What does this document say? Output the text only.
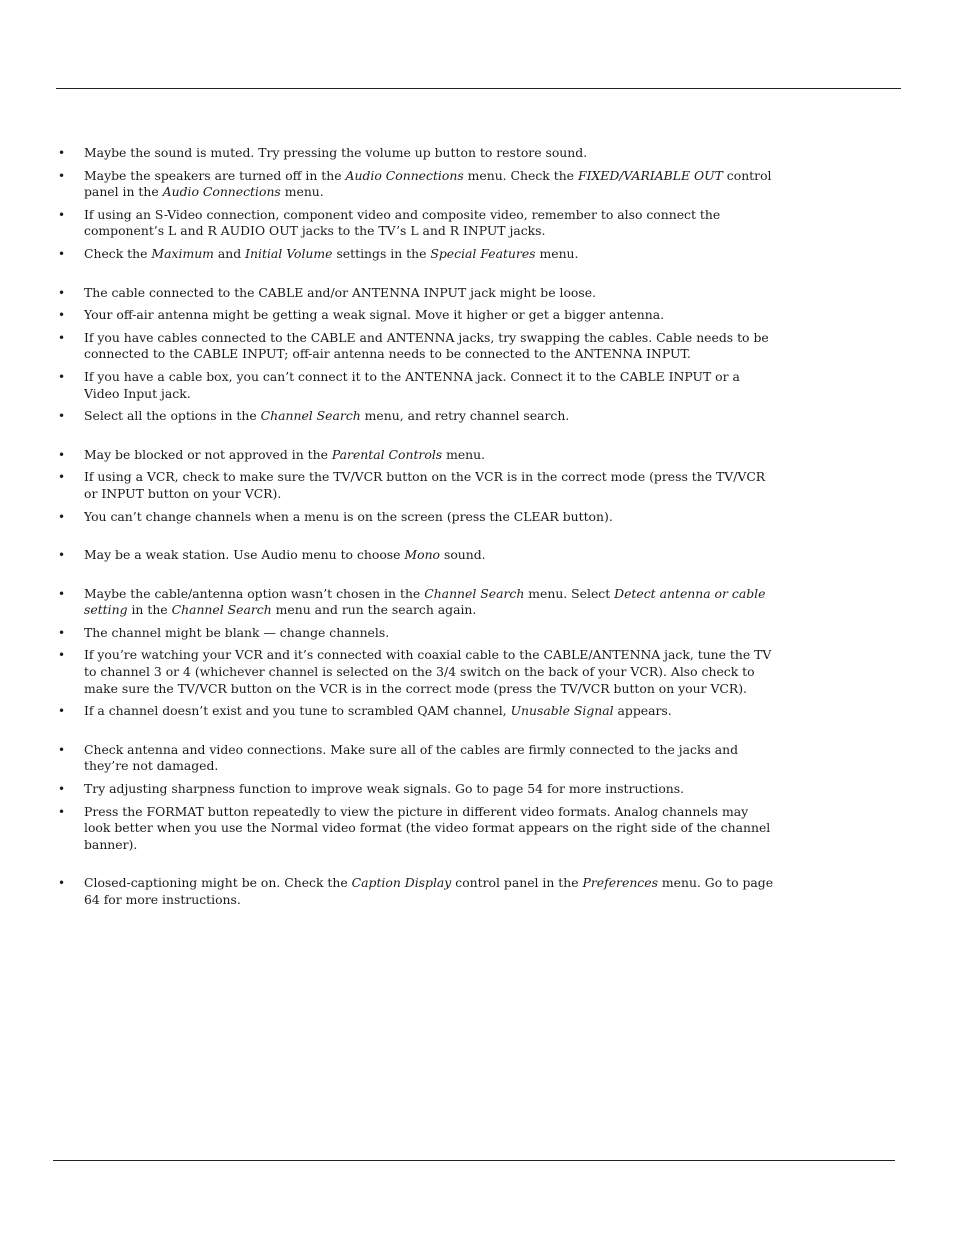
• Maybe the sound is muted. Try pressing the volume up button to restore sound.
• Maybe the speakers are turned off in the Audio Connections menu. Check the FIXED/VARIABLE OUT control panel in the Audio Connections menu.
• If using an S-Video connection, component video and composite video, remember to also connect the component’s L and R AUDIO OUT jacks to the TV’s L and R INPUT jacks.
• Check the Maximum and Initial Volume settings in the Special Features menu.
• The cable connected to the CABLE and/or ANTENNA INPUT jack might be loose.
• Your off-air antenna might be getting a weak signal. Move it higher or get a bigger antenna.
• If you have cables connected to the CABLE and ANTENNA jacks, try swapping the cables. Cable needs to be connected to the CABLE INPUT; off-air antenna needs to be connected to the ANTENNA INPUT.
• If you have a cable box, you can’t connect it to the ANTENNA jack. Connect it to the CABLE INPUT or a Video Input jack.
• Select all the options in the Channel Search menu, and retry channel search.
• May be blocked or not approved in the Parental Controls menu.
• If using a VCR, check to make sure the TV/VCR button on the VCR is in the correct mode (press the TV/VCR or INPUT button on your VCR).
• You can’t change channels when a menu is on the screen (press the CLEAR button).
• May be a weak station. Use Audio menu to choose Mono sound.
• Maybe the cable/antenna option wasn’t chosen in the Channel Search menu. Select Detect antenna or cable setting in the Channel Search menu and run the search again.
• The channel might be blank — change channels.
• If you’re watching your VCR and it’s connected with coaxial cable to the CABLE/ANTENNA jack, tune the TV to channel 3 or 4 (whichever channel is selected on the 3/4 switch on the back of your VCR). Also check to make sure the TV/VCR button on the VCR is in the correct mode (press the TV/VCR button on your VCR).
• If a channel doesn’t exist and you tune to scrambled QAM channel, Unusable Signal appears.
• Check antenna and video connections. Make sure all of the cables are firmly connected to the jacks and they’re not damaged.
• Try adjusting sharpness function to improve weak signals. Go to page 54 for more instructions.
• Press the FORMAT button repeatedly to view the picture in different video formats. Analog channels may look better when you use the Normal video format (the video format appears on the right side of the channel banner).
• Closed-captioning might be on. Check the Caption Display control panel in the Preferences menu. Go to page 64 for more instructions.
